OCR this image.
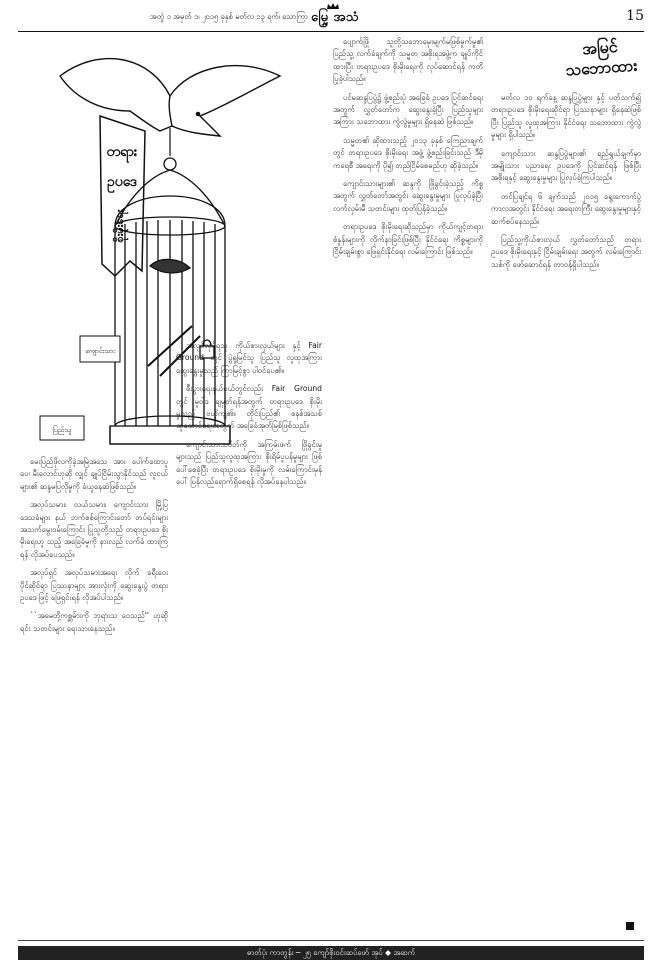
အတွဲ ၁ အမှတ် ၁၊ ၂၀၁၅ ခုနှစ် မတ်လ ၁၃ ရက်၊ သောကြာ မြှေ့ အသံ	15
အမြင်
သဘောထား
တရား
ဥပဒေ
စိုးမိုးရေး
ကျောင်းသား
ပြည်သူ

မေးပြည်ဖိုလကိုခဲ့အမြဲအသေ အား ပေါက်ထောပူပေ၊ မီးလောင်ဟုဆို လျှင် ချုပ်ငြိမ်းသွာနိုင်သည် လူငယ်များ၏ ဆန္ဒမပြလိုမှုကို ခံယူနေဆဲဖြစ်သည်။

အလုပ်သမား၊ လယ်သမား၊ ကျောင်းသား မြို့ပြဒေသခံများ နယ် ဘက်စစ်ကြောင်းတော် တပ်ရင်းများ အသက်မွေးဝမ်းကြောင်း ပြုသူတို့သည် တရားဥပဒေ စိုးမိုးရေးဟူ သည့် အခြေခံမူကို နားလည် လက်ခံ ထားကြရန် လိုအပ်ပေသည်။

အလုပ်ရှင် အလုပ်သမားအရေး လိုက် ခရီးဝေးပိုင်ဆိုင်ရာ ပြဿနာများ အားလုံးကို ဆွေးနွေးပွဲ တရားဥပဒေ ဖြင့် ဖြေရှင်းရန် လိုအပ်ပါသည်။

``အမေတို့ကစ္ဆမ်ားကို ဘုရားသ ဝေသည်'' ဟုဆိုရင်း သတင်းများ ရေးသားနေသည်။

အလုပ်လုပ်ရသူ ကိုယ်စားလှယ်များ နှင့် Fair Ground တွင် ပွဲရှုမြင်သူ ပြည်သူ လူထုအကြား ဆွေးနွေးမှုသည် ကြာမြင့်စွာ ပါဝင်ပေ၏။

စီးပွားရေးနယ်ပယ်တွင်လည်း Fair Ground တွင် မူဝါဒ ချမှတ်ရန်အတွက် တရားဥပဒေ စိုးမိုးမှုသည် ဗဟိုကျ၏။ တိုင်းပြည်၏ စနစ်အသစ် ထူထောင်ရေးအတွက် အခြေခံအုတ်မြစ်ဖြစ်သည်။

ကျောင်းသားသပိတ်ကို အကြမ်းဖက် ဖြိုခွင်းမှုများသည် ပြည်သူလူထုအကြား စိုးရိမ်ပူပန်မှုများ ဖြစ်ပေါ်စေခဲ့ပြီး တရားဥပဒေ စိုးမိုးမှုကို လမ်းကြောင်းမှန်ပေါ် ပြန်လည်ရောက်ရှိစေရန် လိုအပ်နေပါသည်။

ပျောက်ဖြို သူတို့သဘောမှေးမျက်မဖြစ်မှုက်မှု၏ ပြည်သူ့ လက်ခံချက်ကို သမ္မတ အစိုးရအဖွဲ့က ချုပ်ကိုင်ထားပြီး တရားဥပဒေ စိုးမိုးရေးကို လုပ်ဆောင်ရန် ကတိပြုခဲ့ပါသည်။

ပင်မဆန္ဒပြပွဲ၌ ဖွဲ့စည်းပုံ အခြေခံ ဥပဒေ ပြင်ဆင်ရေး အတွက် လွှတ်တော်က ဆွေးနွေးခဲ့ပြီး ပြည်သူများ အကြား သဘောထား ကွဲလွဲမှုများ ရှိနေဆဲ ဖြစ်သည်။

သမ္မတ၏ ဆိုထားသည့် ၂၀၁၃ ခုနှစ် ကြေညာချက်တွင် တရားဥပဒေ စိုးမိုးရေး အဖွဲ့ ဖွဲ့စည်းခြင်းသည် ဒီမိုကရေစီ အရေးကို ပို၍ တည်ငြိမ်စေမည်ဟု ဆိုခဲ့သည်။

ကျောင်းသားများ၏ ဆန္ဒကို ဖြိုခွင်းခဲ့သည့် ကိစ္စအတွက် လွှတ်တော်အတွင်း ဆွေးနွေးမှုများ ပြုလုပ်ခဲ့ပြီး လက်လှမ်းမီ သတင်းများ ထုတ်ပြန်ခဲ့သည်။

တရားဥပဒေ စိုးမိုးရေးဆိုသည်မှာ ကိုယ်ကျင့်တရား စံနှုန်းများကို လိုက်နာခြင်းဖြစ်ပြီး နိုင်ငံရေး ကိစ္စများကို ငြိမ်းချမ်းစွာ ဖြေရှင်းနိုင်ရေး လမ်းကြောင်း ဖြစ်သည်။

မတ်လ ၁၀ ရက်နေ့ ဆန္ဒပြပွဲများ နှင့် ပတ်သက်၍ တရားဥပဒေ စိုးမိုးရေးဆိုင်ရာ ပြဿနာများ ရှိနေဆဲဖြစ်ပြီး ပြည်သူ လူထုအကြား နိုင်ငံရေး သဘောထား ကွဲလွဲမှုများ ရှိပါသည်။

ကျောင်းသား ဆန္ဒပြပွဲများ၏ ရည်ရွယ်ချက်မှာ အမျိုးသား ပညာရေး ဥပဒေကို ပြင်ဆင်ရန် ဖြစ်ပြီး အစိုးရနှင့် ဆွေးနွေးမှုများ ပြုလုပ်ခဲ့ကြပါသည်။

တင်ပြချင်ရ ၆ ချက်သည် ၂၀၁၅ ရွေးကောက်ပွဲ ကာလအတွင်း နိုင်ငံရေး အရေးတကြီး ဆွေးနွေးမှုများနှင့် ဆက်စပ်နေသည်။

ပြည်သူ့ကိုယ်စားလှယ် လွှတ်တော်သည် တရားဥပဒေ စိုးမိုးရေးနှင့် ငြိမ်းချမ်းရေး အတွက် လမ်းကြောင်းသစ်ကို ဖော်ဆောင်ရန် တာဝန်ရှိပါသည်။

ဓာတ်ပုံ၊ ကာတွန်း ─ ၂၅ ကျော်စိုးဝင်းဆပ်ဖော် အုပ် ◆ အဆက်
